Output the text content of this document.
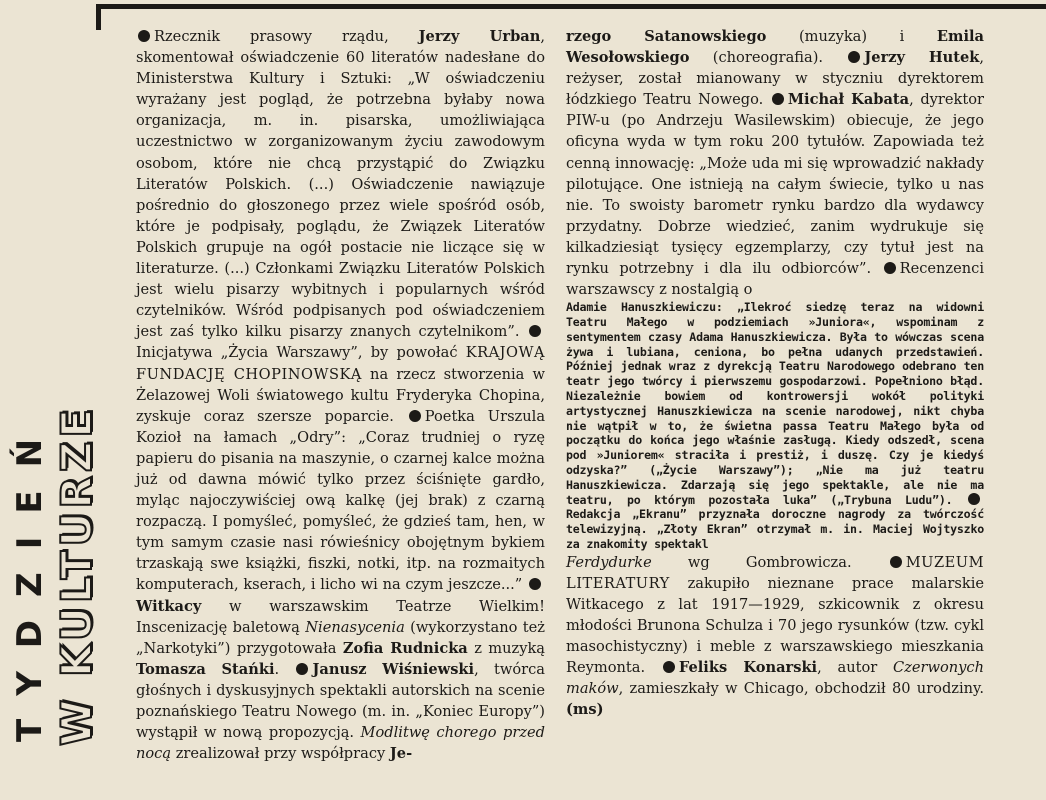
TYDZIEŃ W KULTURZE

Rzecznik prasowy rządu, Jerzy Urban, skomentował oświadczenie 60 literatów nadesłane do Ministerstwa Kultury i Sztuki: „W oświadczeniu wyrażany jest pogląd, że potrzebna byłaby nowa organizacja, m. in. pisarska, umożliwiająca uczestnictwo w zorganizowanym życiu zawodowym osobom, które nie chcą przystąpić do Związku Literatów Polskich. (...) Oświadczenie nawiązuje pośrednio do głoszonego przez wiele spośród osób, które je podpisały, poglądu, że Związek Literatów Polskich grupuje na ogół postacie nie liczące się w literaturze. (...) Członkami Związku Literatów Polskich jest wielu pisarzy wybitnych i popularnych wśród czytelników. Wśród podpisanych pod oświadczeniem jest zaś tylko kilku pisarzy znanych czytelnikom”. Inicjatywa „Życia Warszawy”, by powołać KRAJOWĄ FUNDACJĘ CHOPINOWSKĄ na rzecz stworzenia w Żelazowej Woli światowego kultu Fryderyka Chopina, zyskuje coraz szersze poparcie. Poetka Urszula Kozioł na łamach „Odry”: „Coraz trudniej o ryzę papieru do pisania na maszynie, o czarnej kalce można już od dawna mówić tylko przez ściśnięte gardło, myląc najoczywiściej ową kalkę (jej brak) z czarną rozpaczą. I pomyśleć, pomyśleć, że gdzieś tam, hen, w tym samym czasie nasi rówieśnicy obojętnym bykiem trzaskają swe książki, fiszki, notki, itp. na rozmaitych komputerach, kserach, i licho wi na czym jeszcze...” Witkacy w warszawskim Teatrze Wielkim! Inscenizację baletową Nienasycenia (wykorzystano też „Narkotyki”) przygotowała Zofia Rudnicka z muzyką Tomasza Stańki. Janusz Wiśniewski, twórca głośnych i dyskusyjnych spektakli autorskich na scenie poznańskiego Teatru Nowego (m. in. „Koniec Europy”) wystąpił w nową propozycją. Modlitwę chorego przed nocą zrealizował przy współpracy Je-

rzego Satanowskiego (muzyka) i Emila Wesołowskiego (choreografia).	Jerzy Hutek, reżyser, został mianowany w styczniu dyrektorem łódzkiego Teatru Nowego. Michał Kabata, dyrektor PIW-u (po Andrzeju Wasilewskim) obiecuje, że jego oficyna wyda w tym roku 200 tytułów. Zapowiada też cenną innowację: „Może uda mi się wprowadzić nakłady pilotujące. One istnieją na całym świecie, tylko u nas nie. To swoisty barometr rynku bardzo dla wydawcy przydatny. Dobrze wiedzieć, zanim wydrukuje się kilkadziesiąt tysięcy egzemplarzy, czy tytuł jest na rynku potrzebny i dla ilu odbiorców”. Recenzenci warszawscy z nostalgią o

Adamie Hanuszkiewiczu: „Ilekroć siedzę teraz na widowni Teatru Małego w podziemiach »Juniora«, wspominam z sentymentem czasy Adama Hanuszkiewicza. Była to wówczas scena żywa i lubiana, ceniona, bo pełna udanych przedstawień. Później jednak wraz z dyrekcją Teatru Narodowego odebrano ten teatr jego twórcy i pierwszemu gospodarzowi. Popełniono błąd. Niezależnie bowiem od kontrowersji wokół polityki artystycznej Hanuszkiewicza na scenie narodowej, nikt chyba nie wątpił w to, że świetna passa Teatru Małego była od początku do końca jego właśnie zasługą. Kiedy odszedł, scena pod »Juniorem« straciła i prestiż, i duszę. Czy je kiedyś odzyska?” („Życie Warszawy”); „Nie ma już teatru Hanuszkiewicza. Zdarzają się jego spektakle, ale nie ma teatru, po którym pozostała luka” („Trybuna Ludu”). Redakcja „Ekranu” przyznała doroczne nagrody za twórczość telewizyjną. „Złoty Ekran” otrzymał m. in. Maciej Wojtyszko za znakomity spektakl

Ferdydurke wg Gombrowicza.	MUZEUM LITERATURY zakupiło nieznane prace malarskie Witkacego z lat 1917—1929, szkicownik z okresu młodości Brunona Schulza i 70 jego rysunków (tzw. cykl masochistyczny) i meble z warszawskiego mieszkania Reymonta. Feliks Konarski, autor Czerwonych maków, zamieszkały w Chicago, obchodził 80 urodziny. (ms)
